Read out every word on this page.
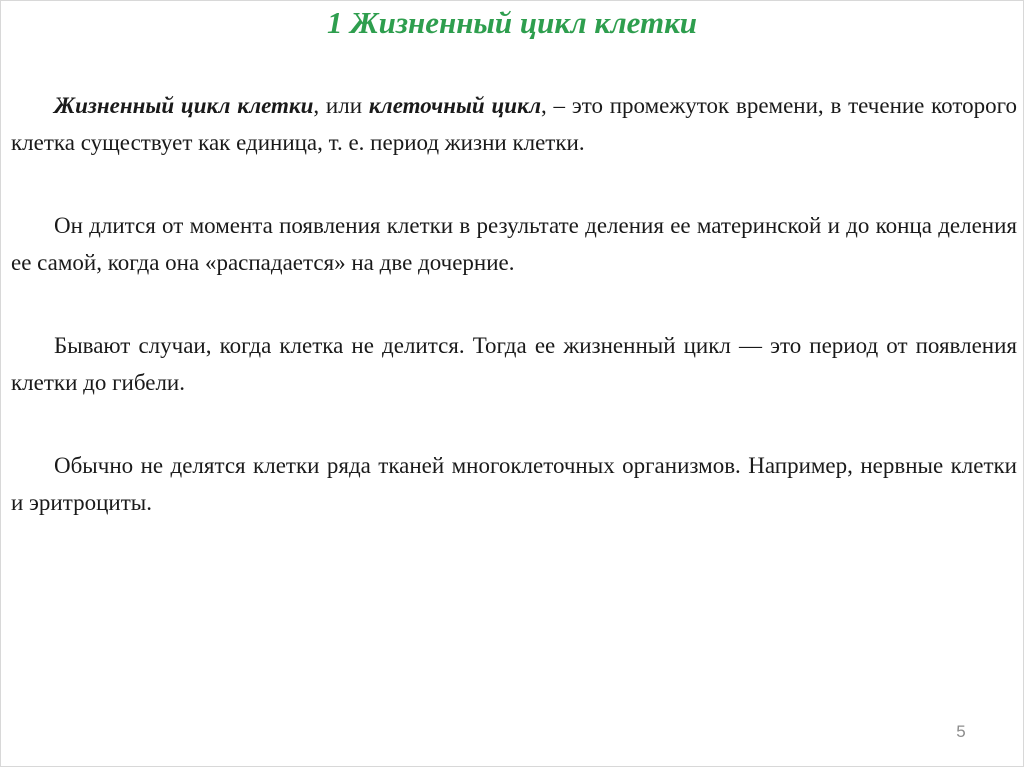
1 Жизненный цикл клетки

Жизненный цикл клетки, или клеточный цикл, – это промежуток времени, в течение которого клетка существует как единица, т. е. период жизни клетки.

Он длится от момента появления клетки в результате деления ее материнской и до конца деления ее самой, когда она «распадается» на две дочерние.

Бывают случаи, когда клетка не делится. Тогда ее жизненный цикл — это период от появления клетки до гибели.

Обычно не делятся клетки ряда тканей многоклеточных организмов. Например, нервные клетки и эритроциты.

5
